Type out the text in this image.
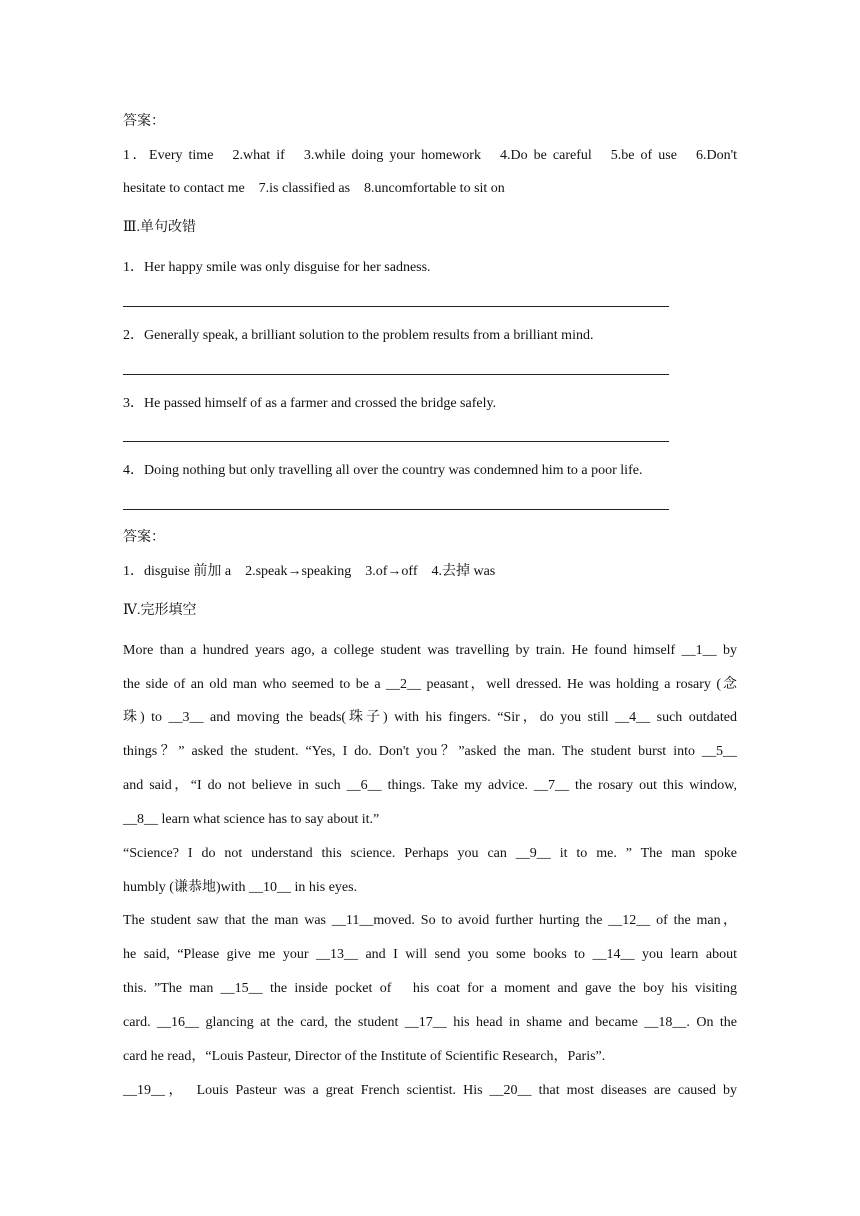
答案：
1．Every time　2.what if　3.while doing your homework　4.Do be careful　5.be of use　6.Don't
hesitate to contact me　7.is classified as　8.uncomfortable to sit on
Ⅲ.单句改错
1．Her happy smile was only disguise for her sadness.
2．Generally speak, a brilliant solution to the problem results from a brilliant mind.
3．He passed himself of as a farmer and crossed the bridge safely.
4．Doing nothing but only travelling all over the country was condemned him to a poor life.
答案：
1．disguise 前加 a　2.speak→speaking　3.of→off　4.去掉 was
Ⅳ.完形填空
More than a hundred years ago, a college student was travelling by train. He found himself __1__ by
the side of an old man who seemed to be a __2__ peasant，well dressed. He was holding a rosary (念
珠) to __3__ and moving the beads(珠子) with his fingers. “Sir，do you still __4__ such outdated
things？” asked the student. “Yes, I do. Don't you？”asked the man. The student burst into __5__
and said，“I do not believe in such __6__ things. Take my advice. __7__ the rosary out this window,
__8__ learn what science has to say about it.”
“Science? I do not understand this science. Perhaps you can __9__ it to me. ” The man spoke
humbly (谦恭地)with __10__ in his eyes.
The student saw that the man was __11__moved. So to avoid further hurting the __12__ of the man，
he said, “Please give me your __13__ and I will send you some books to __14__ you learn about
this. ”The man __15__ the inside pocket of　his coat for a moment and gave the boy his visiting
card. __16__ glancing at the card, the student __17__ his head in shame and became __18__. On the
card he read，“Louis Pasteur, Director of the Institute of Scientific Research，Paris”.
__19__，　Louis Pasteur was a great French scientist. His __20__ that most diseases are caused by
